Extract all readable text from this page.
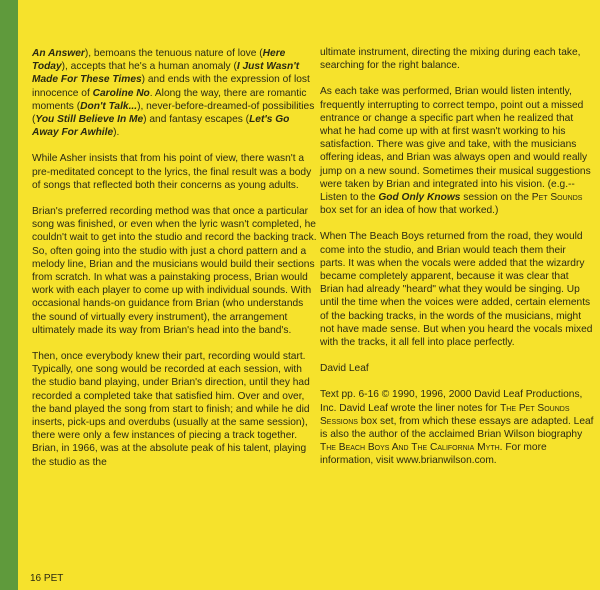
An Answer), bemoans the tenuous nature of love (Here Today), accepts that he's a human anomaly (I Just Wasn't Made For These Times) and ends with the expression of lost innocence of Caroline No. Along the way, there are romantic moments (Don't Talk...), never-before-dreamed-of possibilities (You Still Believe In Me) and fantasy escapes (Let's Go Away For Awhile).

While Asher insists that from his point of view, there wasn't a pre-meditated concept to the lyrics, the final result was a body of songs that reflected both their concerns as young adults.

Brian's preferred recording method was that once a particular song was finished, or even when the lyric wasn't completed, he couldn't wait to get into the studio and record the backing track. So, often going into the studio with just a chord pattern and a melody line, Brian and the musicians would build their sections from scratch. In what was a painstaking process, Brian would work with each player to come up with individual sounds. With occasional hands-on guidance from Brian (who understands the sound of virtually every instrument), the arrangement ultimately made its way from Brian's head into the band's.

Then, once everybody knew their part, recording would start. Typically, one song would be recorded at each session, with the studio band playing, under Brian's direction, until they had recorded a completed take that satisfied him. Over and over, the band played the song from start to finish; and while he did inserts, pick-ups and overdubs (usually at the same session), there were only a few instances of piecing a track together. Brian, in 1966, was at the absolute peak of his talent, playing the studio as the

ultimate instrument, directing the mixing during each take, searching for the right balance.

As each take was performed, Brian would listen intently, frequently interrupting to correct tempo, point out a missed entrance or change a specific part when he realized that what he had come up with at first wasn't working to his satisfaction. There was give and take, with the musicians offering ideas, and Brian was always open and would really jump on a new sound. Sometimes their musical suggestions were taken by Brian and integrated into his vision. (e.g.--Listen to the God Only Knows session on the Pet Sounds box set for an idea of how that worked.)

When The Beach Boys returned from the road, they would come into the studio, and Brian would teach them their parts. It was when the vocals were added that the wizardry became completely apparent, because it was clear that Brian had already "heard" what they would be singing. Up until the time when the voices were added, certain elements of the backing tracks, in the words of the musicians, might not have made sense. But when you heard the vocals mixed with the tracks, it all fell into place perfectly.

David Leaf

Text pp. 6-16 © 1990, 1996, 2000 David Leaf Productions, Inc. David Leaf wrote the liner notes for The Pet Sounds Sessions box set, from which these essays are adapted. Leaf is also the author of the acclaimed Brian Wilson biography The Beach Boys And The California Myth. For more information, visit www.brianwilson.com.

16 PET
